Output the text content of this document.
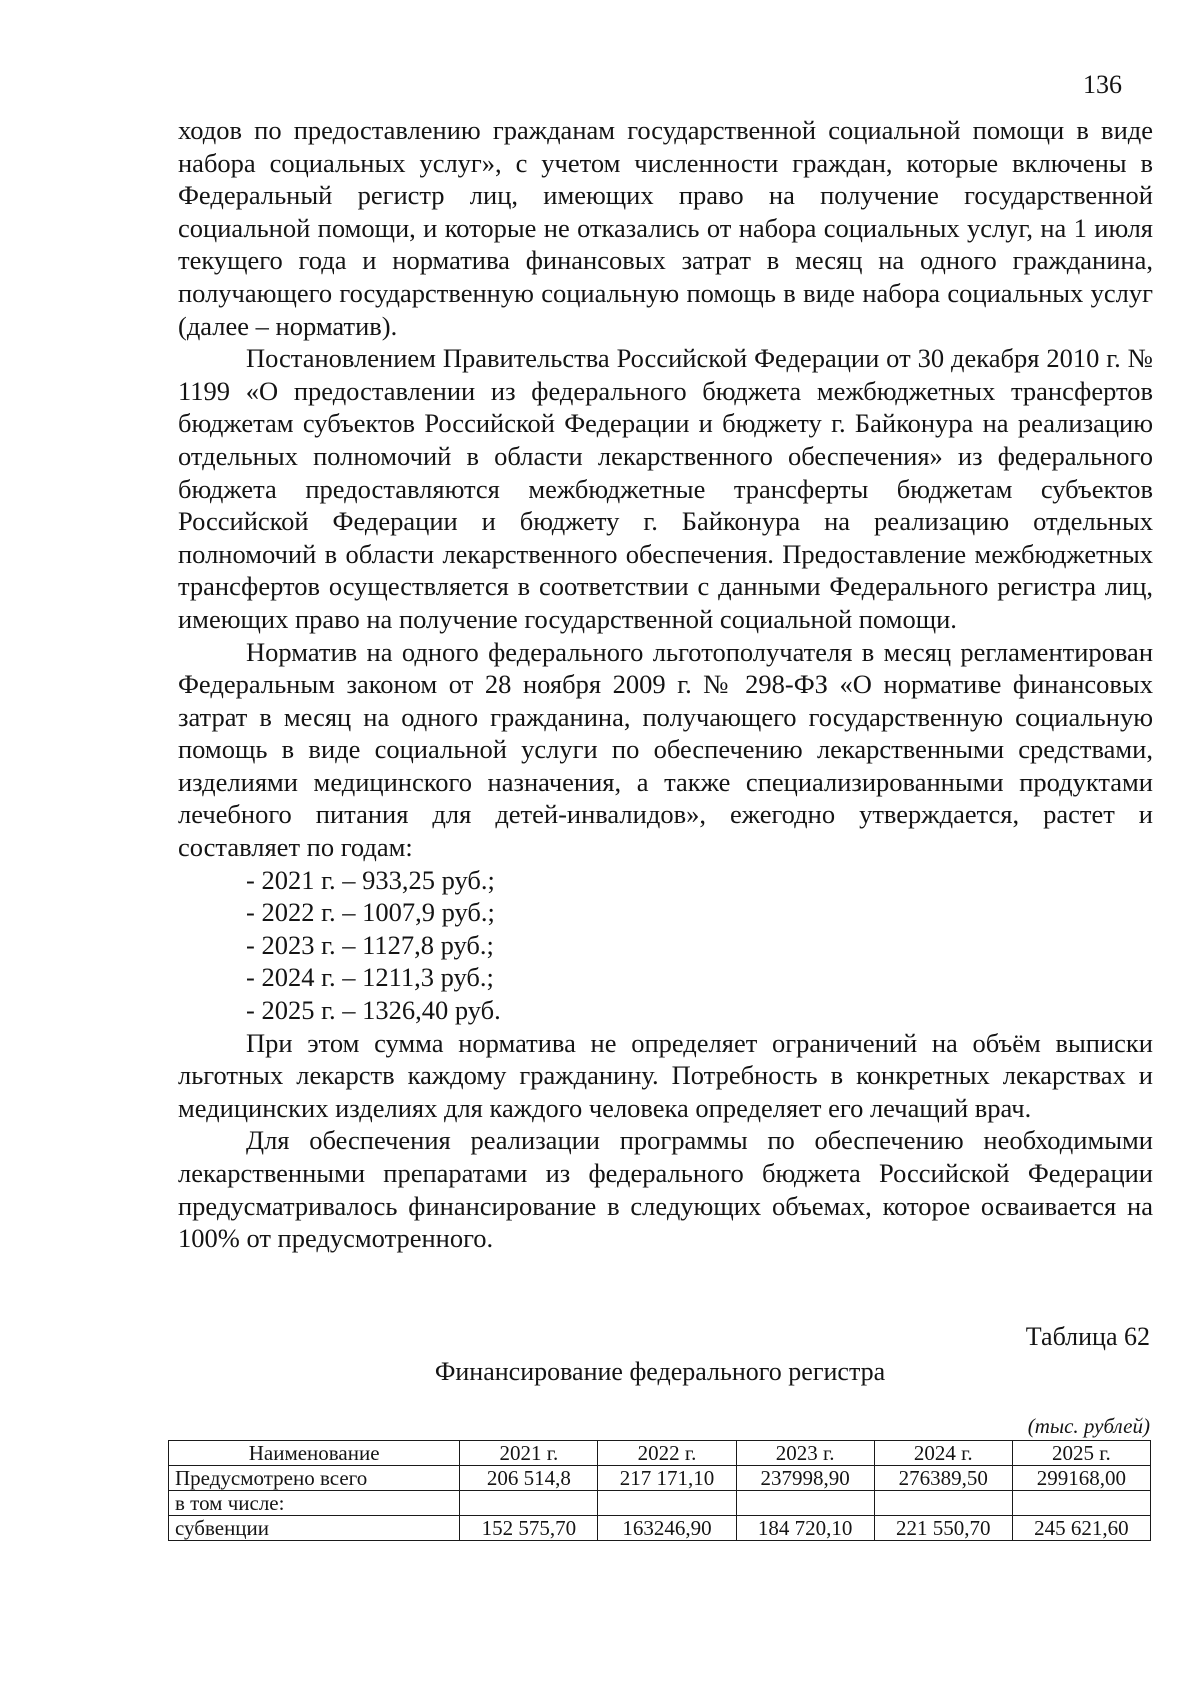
136

ходов по предоставлению гражданам государственной социальной помощи в виде набора социальных услуг», с учетом численности граждан, которые включены в Федеральный регистр лиц, имеющих право на получение государственной социальной помощи, и которые не отказались от набора социальных услуг, на 1 июля текущего года и норматива финансовых затрат в месяц на одного гражданина, получающего государственную социальную помощь в виде набора социальных услуг (далее – норматив).

Постановлением Правительства Российской Федерации от 30 декабря 2010 г. № 1199 «О предоставлении из федерального бюджета межбюджетных трансфертов бюджетам субъектов Российской Федерации и бюджету г. Байконура на реализацию отдельных полномочий в области лекарственного обеспечения» из федерального бюджета предоставляются межбюджетные трансферты бюджетам субъектов Российской Федерации и бюджету г. Байконура на реализацию отдельных полномочий в области лекарственного обеспечения. Предоставление межбюджетных трансфертов осуществляется в соответствии с данными Федерального регистра лиц, имеющих право на получение государственной социальной помощи.

Норматив на одного федерального льготополучателя в месяц регламентирован Федеральным законом от 28 ноября 2009 г. № 298-ФЗ «О нормативе финансовых затрат в месяц на одного гражданина, получающего государственную социальную помощь в виде социальной услуги по обеспечению лекарственными средствами, изделиями медицинского назначения, а также специализированными продуктами лечебного питания для детей-инвалидов», ежегодно утверждается, растет и составляет по годам:

- 2021 г. – 933,25 руб.;
- 2022 г. – 1007,9 руб.;
- 2023 г. – 1127,8 руб.;
- 2024 г. – 1211,3 руб.;
- 2025 г. – 1326,40 руб.

При этом сумма норматива не определяет ограничений на объём выписки льготных лекарств каждому гражданину. Потребность в конкретных лекарствах и медицинских изделиях для каждого человека определяет его лечащий врач.

Для обеспечения реализации программы по обеспечению необходимыми лекарственными препаратами из федерального бюджета Российской Федерации предусматривалось финансирование в следующих объемах, которое осваивается на 100% от предусмотренного.

Таблица 62
Финансирование федерального регистра
(тыс. рублей)
Наименование	2021 г.	2022 г.	2023 г.	2024 г.	2025 г.
Предусмотрено всего	206 514,8	217 171,10	237998,90	276389,50	299168,00
в том числе:					
субвенции	152 575,70	163246,90	184 720,10	221 550,70	245 621,60
